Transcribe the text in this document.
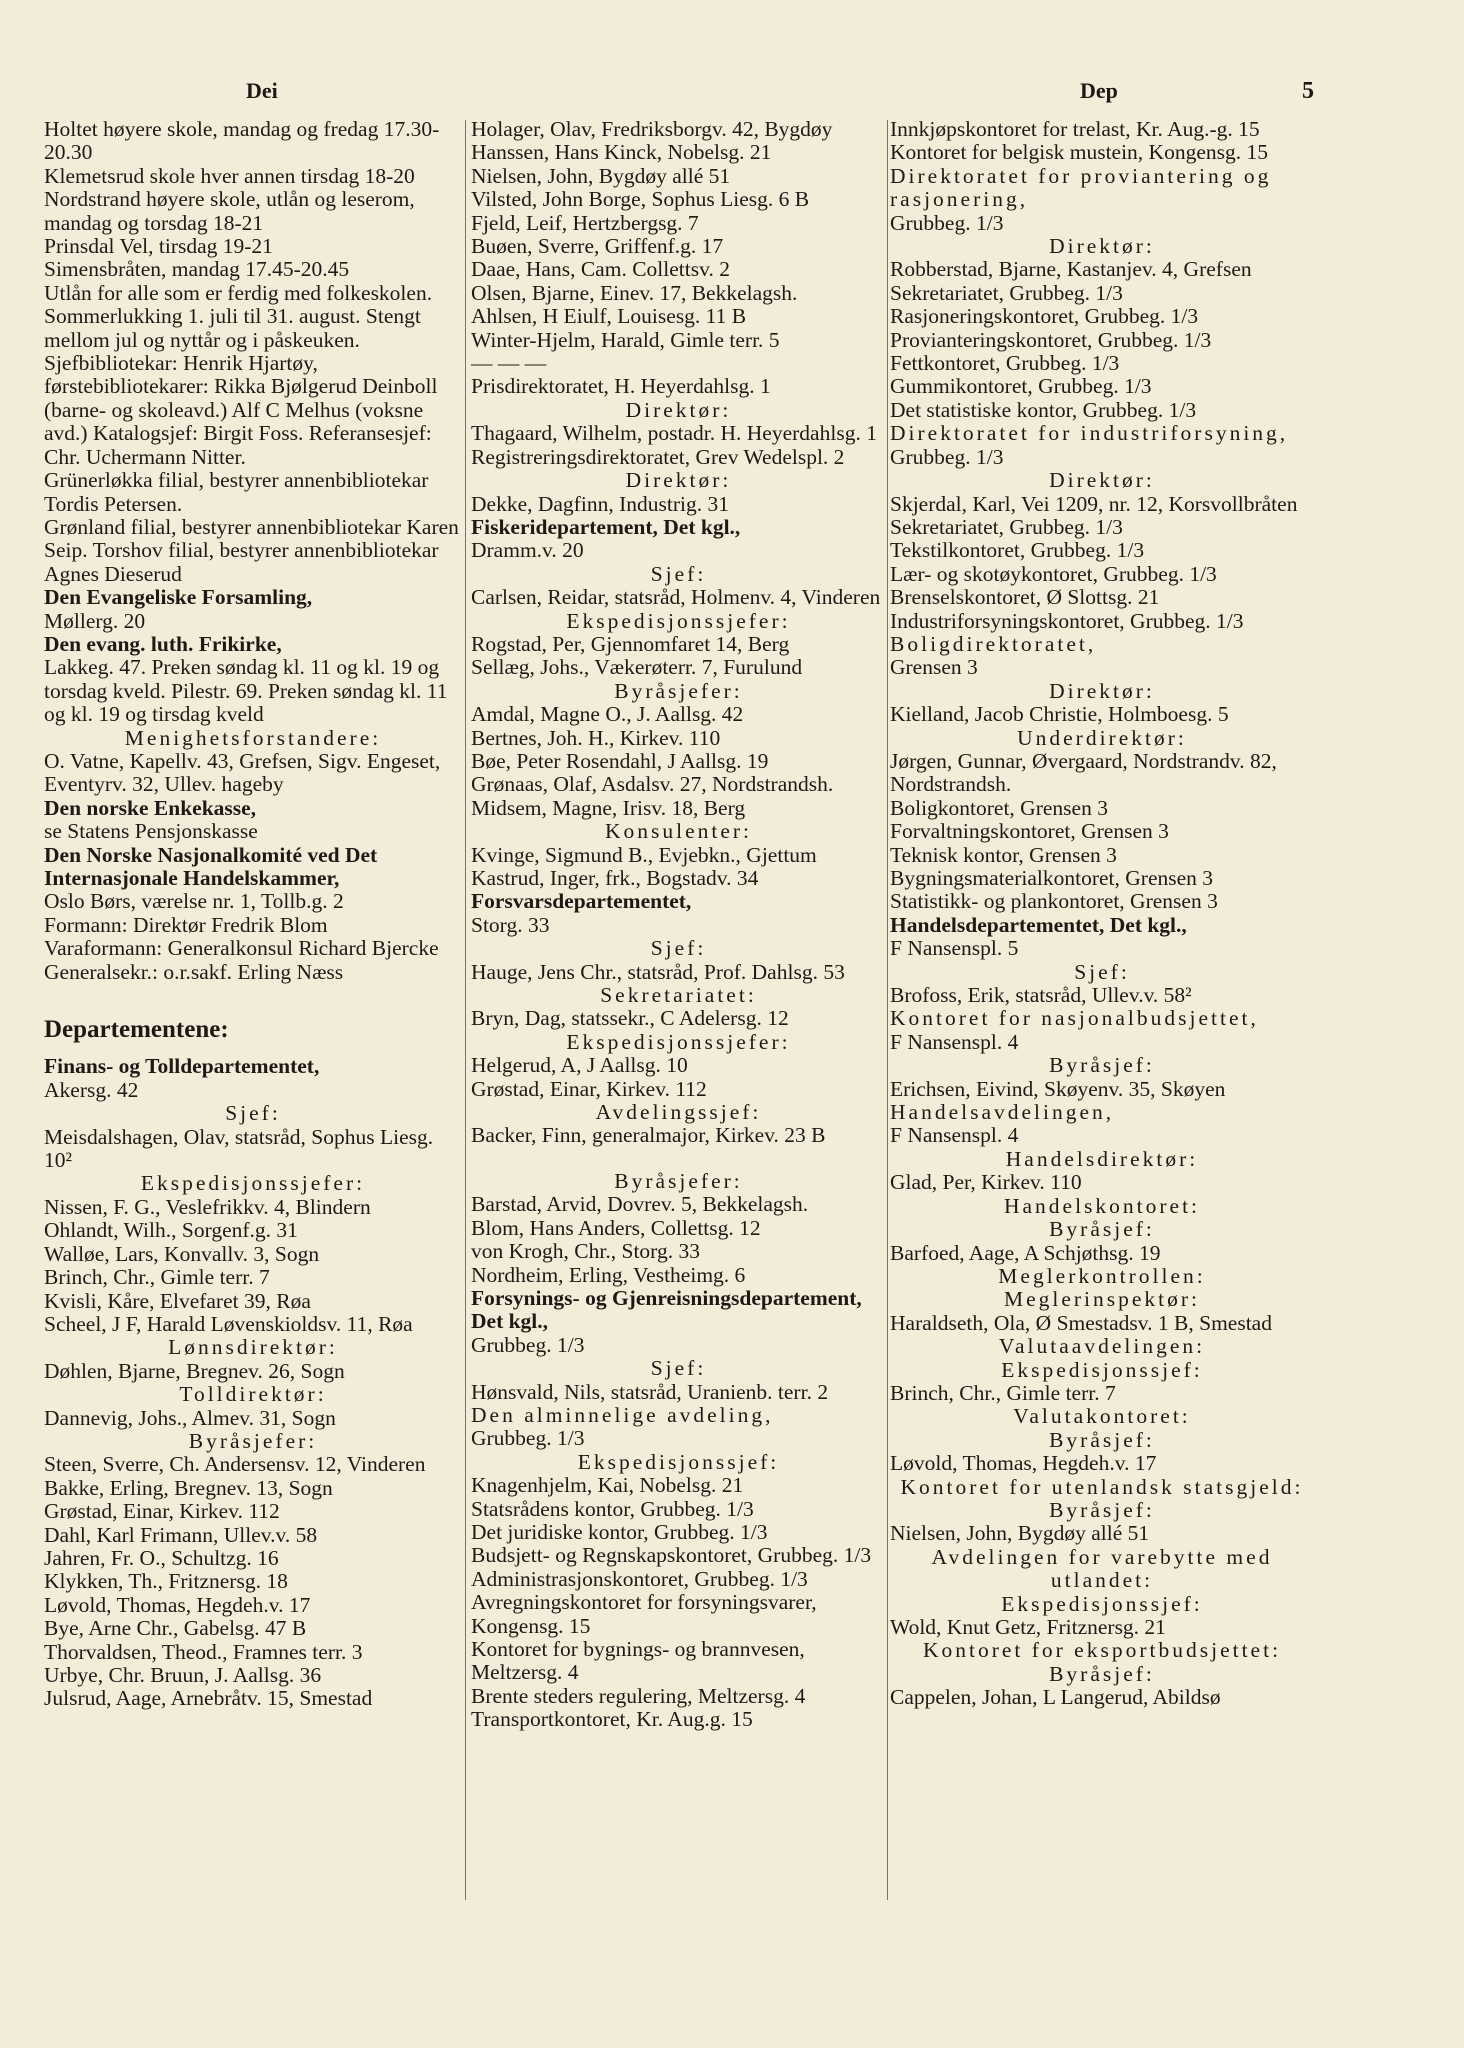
Dei	Dep	5
Holtet høyere skole, mandag og fredag 17.30-20.30
Klemetsrud skole hver annen tirsdag 18-20
Nordstrand høyere skole, utlån og leserom, mandag og torsdag 18-21
Prinsdal Vel, tirsdag 19-21
Simensbråten, mandag 17.45-20.45
Utlån for alle som er ferdig med folkeskolen. Sommerlukking 1. juli til 31. august. Stengt mellom jul og nyttår og i påskeuken.
Sjefbibliotekar: Henrik Hjartøy, førstebibliotekarer: Rikka Bjølgerud Deinboll (barne- og skoleavd.) Alf C Melhus (voksne avd.) Katalogsjef: Birgit Foss. Referansesjef: Chr. Uchermann Nitter.
Grünerløkka filial, bestyrer annenbibliotekar Tordis Petersen.
Grønland filial, bestyrer annenbibliotekar Karen Seip. Torshov filial, bestyrer annenbibliotekar Agnes Dieserud
Den Evangeliske Forsamling,
Møllerg. 20
Den evang. luth. Frikirke,
Lakkeg. 47. Preken søndag kl. 11 og kl. 19 og torsdag kveld. Pilestr. 69. Preken søndag kl. 11 og kl. 19 og tirsdag kveld
Menighetsforstandere:
O. Vatne, Kapellv. 43, Grefsen, Sigv. Engeset, Eventyrv. 32, Ullev. hageby
Den norske Enkekasse,
se Statens Pensjonskasse
Den Norske Nasjonalkomité ved Det Internasjonale Handelskammer,
Oslo Børs, værelse nr. 1, Tollb.g. 2
Formann: Direktør Fredrik Blom
Varaformann: Generalkonsul Richard Bjercke
Generalsekr.: o.r.sakf. Erling Næss
Departementene:
Finans- og Tolldepartementet,
Akersg. 42
Sjef:
Meisdalshagen, Olav, statsråd, Sophus Liesg. 10²
Ekspedisjonssjefer:
Nissen, F. G., Veslefrikkv. 4, Blindern
Ohlandt, Wilh., Sorgenf.g. 31
Walløe, Lars, Konvallv. 3, Sogn
Brinch, Chr., Gimle terr. 7
Kvisli, Kåre, Elvefaret 39, Røa
Scheel, J F, Harald Løvenskioldsv. 11, Røa
Lønnsdirektør:
Døhlen, Bjarne, Bregnev. 26, Sogn
Tolldirektør:
Dannevig, Johs., Almev. 31, Sogn
Byråsjefer:
Steen, Sverre, Ch. Andersensv. 12, Vinderen
Bakke, Erling, Bregnev. 13, Sogn
Grøstad, Einar, Kirkev. 112
Dahl, Karl Frimann, Ullev.v. 58
Jahren, Fr. O., Schultzg. 16
Klykken, Th., Fritznersg. 18
Løvold, Thomas, Hegdeh.v. 17
Bye, Arne Chr., Gabelsg. 47 B
Thorvaldsen, Theod., Framnes terr. 3
Urbye, Chr. Bruun, J. Aallsg. 36
Julsrud, Aage, Arnebråtv. 15, Smestad
Holager, Olav, Fredriksborgv. 42, Bygdøy
Hanssen, Hans Kinck, Nobelsg. 21
Nielsen, John, Bygdøy allé 51
Vilsted, John Borge, Sophus Liesg. 6 B
Fjeld, Leif, Hertzbergsg. 7
Buøen, Sverre, Griffenf.g. 17
Daae, Hans, Cam. Collettsv. 2
Olsen, Bjarne, Einev. 17, Bekkelagsh.
Ahlsen, H Eiulf, Louisesg. 11 B
Winter-Hjelm, Harald, Gimle terr. 5
— — —
Prisdirektoratet, H. Heyerdahlsg. 1
Direktør:
Thagaard, Wilhelm, postadr. H. Heyerdahlsg. 1
Registreringsdirektoratet, Grev Wedelspl. 2
Direktør:
Dekke, Dagfinn, Industrig. 31
Fiskeridepartement, Det kgl.,
Dramm.v. 20
Sjef:
Carlsen, Reidar, statsråd, Holmenv. 4, Vinderen
Ekspedisjonssjefer:
Rogstad, Per, Gjennomfaret 14, Berg
Sellæg, Johs., Vækerøterr. 7, Furulund
Byråsjefer:
Amdal, Magne O., J. Aallsg. 42
Bertnes, Joh. H., Kirkev. 110
Bøe, Peter Rosendahl, J Aallsg. 19
Grønaas, Olaf, Asdalsv. 27, Nordstrandsh.
Midsem, Magne, Irisv. 18, Berg
Konsulenter:
Kvinge, Sigmund B., Evjebkn., Gjettum
Kastrud, Inger, frk., Bogstadv. 34
Forsvarsdepartementet,
Storg. 33
Sjef:
Hauge, Jens Chr., statsråd, Prof. Dahlsg. 53
Sekretariatet:
Bryn, Dag, statssekr., C Adelersg. 12
Ekspedisjonssjefer:
Helgerud, A, J Aallsg. 10
Grøstad, Einar, Kirkev. 112
Avdelingssjef:
Backer, Finn, generalmajor, Kirkev. 23 B
Byråsjefer:
Barstad, Arvid, Dovrev. 5, Bekkelagsh.
Blom, Hans Anders, Collettsg. 12
von Krogh, Chr., Storg. 33
Nordheim, Erling, Vestheimg. 6
Forsynings- og Gjenreisningsdepartement, Det kgl.,
Grubbeg. 1/3
Sjef:
Hønsvald, Nils, statsråd, Uranienb. terr. 2
Den alminnelige avdeling,
Grubbeg. 1/3
Ekspedisjonssjef:
Knagenhjelm, Kai, Nobelsg. 21
Statsrådens kontor, Grubbeg. 1/3
Det juridiske kontor, Grubbeg. 1/3
Budsjett- og Regnskapskontoret, Grubbeg. 1/3
Administrasjonskontoret, Grubbeg. 1/3
Avregningskontoret for forsyningsvarer, Kongensg. 15
Kontoret for bygnings- og brannvesen, Meltzersg. 4
Brente steders regulering, Meltzersg. 4
Transportkontoret, Kr. Aug.g. 15
Innkjøpskontoret for trelast, Kr. Aug.-g. 15
Kontoret for belgisk mustein, Kongensg. 15
Direktoratet for proviantering og rasjonering,
Grubbeg. 1/3
Direktør:
Robberstad, Bjarne, Kastanjev. 4, Grefsen
Sekretariatet, Grubbeg. 1/3
Rasjoneringskontoret, Grubbeg. 1/3
Provianteringskontoret, Grubbeg. 1/3
Fettkontoret, Grubbeg. 1/3
Gummikontoret, Grubbeg. 1/3
Det statistiske kontor, Grubbeg. 1/3
Direktoratet for industriforsyning,
Grubbeg. 1/3
Direktør:
Skjerdal, Karl, Vei 1209, nr. 12, Korsvollbråten
Sekretariatet, Grubbeg. 1/3
Tekstilkontoret, Grubbeg. 1/3
Lær- og skotøykontoret, Grubbeg. 1/3
Brenselskontoret, Ø Slottsg. 21
Industriforsyningskontoret, Grubbeg. 1/3
Boligdirektoratet,
Grensen 3
Direktør:
Kielland, Jacob Christie, Holmboesg. 5
Underdirektør:
Jørgen, Gunnar, Øvergaard, Nordstrandv. 82, Nordstrandsh.
Boligkontoret, Grensen 3
Forvaltningskontoret, Grensen 3
Teknisk kontor, Grensen 3
Bygningsmaterialkontoret, Grensen 3
Statistikk- og plankontoret, Grensen 3
Handelsdepartementet, Det kgl.,
F Nansenspl. 5
Sjef:
Brofoss, Erik, statsråd, Ullev.v. 58²
Kontoret for nasjonalbudsjettet,
F Nansenspl. 4
Byråsjef:
Erichsen, Eivind, Skøyenv. 35, Skøyen
Handelsavdelingen,
F Nansenspl. 4
Handelsdirektør:
Glad, Per, Kirkev. 110
Handelskontoret:
Byråsjef:
Barfoed, Aage, A Schjøthsg. 19
Meglerkontrollen:
Meglerinspektør:
Haraldseth, Ola, Ø Smestadsv. 1 B, Smestad
Valutaavdelingen:
Ekspedisjonssjef:
Brinch, Chr., Gimle terr. 7
Valutakontoret:
Byråsjef:
Løvold, Thomas, Hegdeh.v. 17
Kontoret for utenlandsk statsgjeld:
Byråsjef:
Nielsen, John, Bygdøy allé 51
Avdelingen for varebytte med utlandet:
Ekspedisjonssjef:
Wold, Knut Getz, Fritznersg. 21
Kontoret for eksportbudsjettet:
Byråsjef:
Cappelen, Johan, L Langerud, Abildsø
